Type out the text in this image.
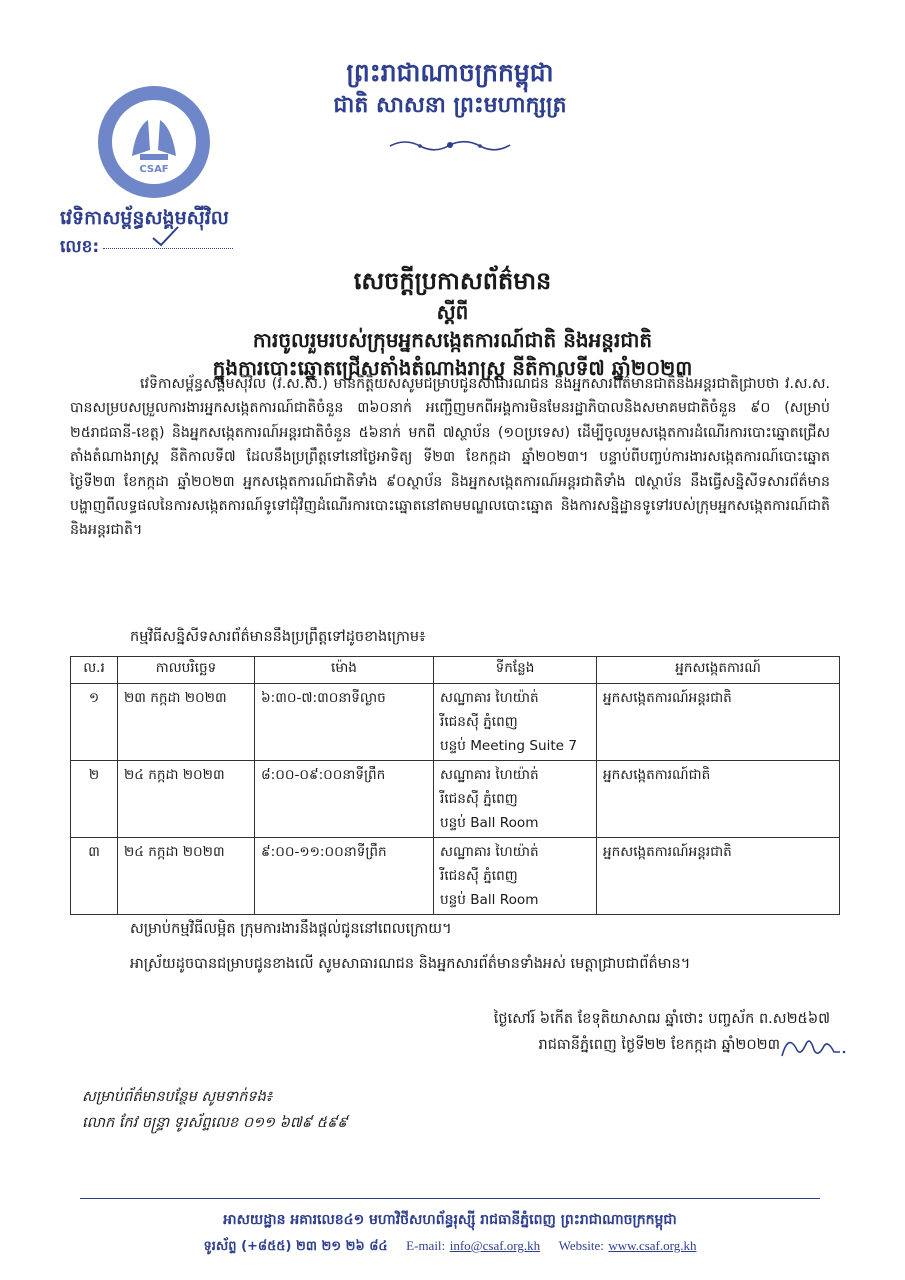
ព្រះរាជាណាចក្រកម្ពុជា
ជាតិ សាសនា ព្រះមហាក្សត្រ
CSAF
វេទិកាសម្ព័ន្ធសង្គមស៊ីវិល
លេខ:
សេចក្តីប្រកាសព័ត៌មាន
ស្តីពី
ការចូលរួមរបស់ក្រុមអ្នកសង្កេតការណ៍ជាតិ និងអន្តរជាតិ
ក្នុងការបោះឆ្នោតជ្រើសតាំងតំណាងរាស្ត្រ នីតិកាលទី៧ ឆ្នាំ២០២៣
វេទិកាសម្ព័ន្ធសង្គមស៊ីវិល (វ.ស.ស.) មានកិត្តិយសសូមជម្រាបជូនសាធារណជន និងអ្នកសារព័ត៌មានជាតិនិងអន្តរជាតិជ្រាបថា វ.ស.ស. បានសម្របសម្រួលការងារអ្នកសង្កេតការណ៍ជាតិចំនួន ៣៦០នាក់ អញ្ជើញមកពីអង្គការមិនមែនរដ្ឋាភិបាលនិងសមាគមជាតិចំនួន ៩០ (សម្រាប់ ២៥រាជធានី-ខេត្ត) និងអ្នកសង្កេតការណ៍អន្តរជាតិចំនួន ៥៦នាក់ មកពី ៧ស្ថាប័ន (១០ប្រទេស) ដើម្បីចូលរួមសង្កេតការដំណើរការបោះឆ្នោតជ្រើសតាំងតំណាងរាស្ត្រ នីតិកាលទី៧ ដែលនឹងប្រព្រឹត្តទៅនៅថ្ងៃអាទិត្យ ទី២៣ ខែកក្កដា ឆ្នាំ២០២៣។ បន្ទាប់ពីបញ្ចប់ការងារសង្កេតការណ៍បោះឆ្នោតថ្ងៃទី២៣ ខែកក្កដា ឆ្នាំ២០២៣ អ្នកសង្កេតការណ៍ជាតិទាំង ៩០ស្ថាប័ន និងអ្នកសង្កេតការណ៍អន្តរជាតិទាំង ៧ស្ថាប័ន នឹងធ្វើសន្និសីទសារព័ត៌មានបង្ហាញពីលទ្ធផលនៃការសង្កេតការណ៍ទូទៅជុំវិញដំណើរការបោះឆ្នោតនៅតាមមណ្ឌលបោះឆ្នោត និងការសន្និដ្ឋានទូទៅរបស់ក្រុមអ្នកសង្កេតការណ៍ជាតិនិងអន្តរជាតិ។
កម្មវិធីសន្និសីទសារព័ត៌មាននឹងប្រព្រឹត្តទៅដូចខាងក្រោម៖
ល.រ	កាលបរិច្ឆេទ	ម៉ោង	ទីកន្លែង	អ្នកសង្កេតការណ៍
១	២៣ កក្កដា ២០២៣	៦:៣០-៧:៣០នាទីល្ងាច	សណ្ឋាគារ ហៃយ៉ាត់
រីជេនស៊ី ភ្នំពេញ
បន្ទប់ Meeting Suite 7	អ្នកសង្កេតការណ៍អន្តរជាតិ
២	២៤ កក្កដា ២០២៣	៨:០០-០៩:០០នាទីព្រឹក	សណ្ឋាគារ ហៃយ៉ាត់
រីជេនស៊ី ភ្នំពេញ
បន្ទប់ Ball Room	អ្នកសង្កេតការណ៍ជាតិ
៣	២៤ កក្កដា ២០២៣	៩:០០-១១:០០នាទីព្រឹក	សណ្ឋាគារ ហៃយ៉ាត់
រីជេនស៊ី ភ្នំពេញ
បន្ទប់ Ball Room	អ្នកសង្កេតការណ៍អន្តរជាតិ
សម្រាប់កម្មវិធីលម្អិត ក្រុមការងារនឹងផ្តល់ជូននៅពេលក្រោយ។
អាស្រ័យដូចបានជម្រាបជូនខាងលើ សូមសាធារណជន និងអ្នកសារព័ត៌មានទាំងអស់ មេត្តាជ្រាបជាព័ត៌មាន។
ថ្ងៃសៅរ៍ ៦កើត ខែទុតិយាសាឍ ឆ្នាំថោះ បញ្ចស័ក ព.ស២៥៦៧
រាជធានីភ្នំពេញ ថ្ងៃទី២២ ខែកក្កដា ឆ្នាំ២០២៣
សម្រាប់ព័ត៌មានបន្ថែម សូមទាក់ទង៖
លោក កែវ ចន្ទ្រា ទូរស័ព្ទលេខ ០១១ ៦៧៩ ៥៩៩
អាសយដ្ឋាន អគារលេខ៤១ មហាវិថីសហព័ន្ធរុស្ស៊ី រាជធានីភ្នំពេញ ព្រះរាជាណាចក្រកម្ពុជា
ទូរស័ព្ទ (+៨៥៥) ២៣ ២១ ២៦ ៨៤ E-mail: info@csaf.org.kh Website: www.csaf.org.kh
